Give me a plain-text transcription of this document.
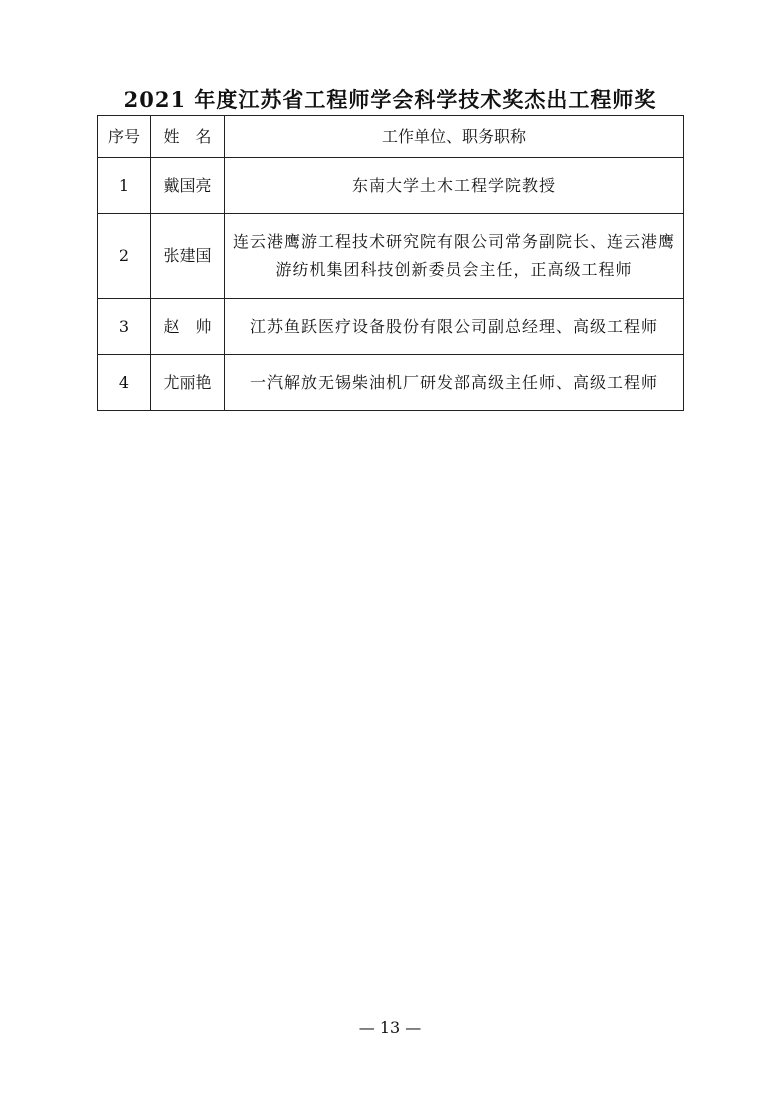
2021 年度江苏省工程师学会科学技术奖杰出工程师奖
序号	姓　名	工作单位、职务职称
1	戴国亮	东南大学土木工程学院教授
2	张建国	连云港鹰游工程技术研究院有限公司常务副院长、连云港鹰游纺机集团科技创新委员会主任，正高级工程师
3	赵　帅	江苏鱼跃医疗设备股份有限公司副总经理、高级工程师
4	尤丽艳	一汽解放无锡柴油机厂研发部高级主任师、高级工程师
— 13 —
